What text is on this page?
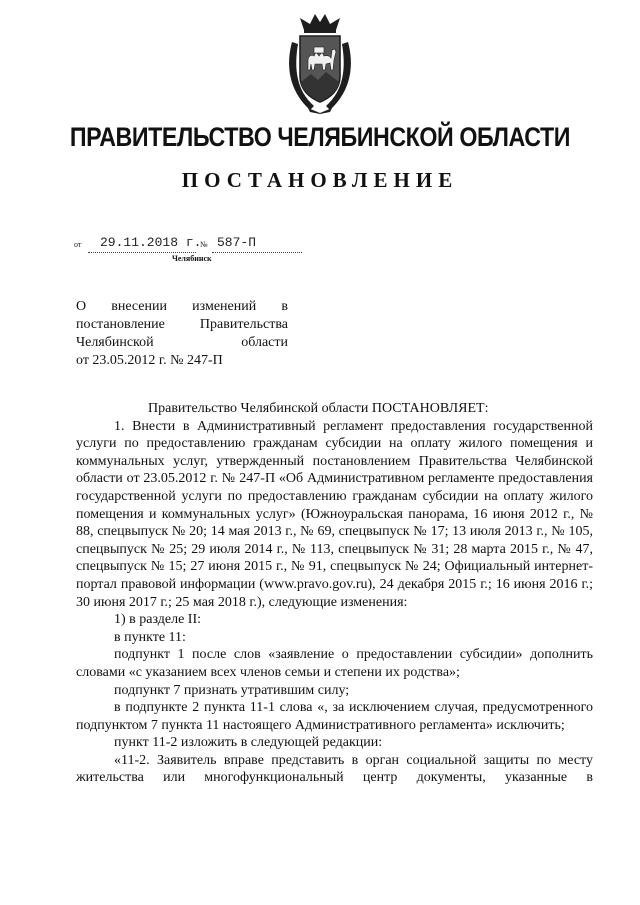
ПРАВИТЕЛЬСТВО ЧЕЛЯБИНСКОЙ ОБЛАСТИ
ПОСТАНОВЛЕНИЕ
от 29.11.2018 г.
№ 587-П
Челябинск
О внесении изменений в
постановление Правительства
Челябинской области
от 23.05.2012 г. № 247-П

Правительство Челябинской области ПОСТАНОВЛЯЕТ:

1. Внести в Административный регламент предоставления государственной услуги по предоставлению гражданам субсидии на оплату жилого помещения и коммунальных услуг, утвержденный постановлением Правительства Челябинской области от 23.05.2012 г. № 247-П «Об Административном регламенте предоставления государственной услуги по предоставлению гражданам субсидии на оплату жилого помещения и коммунальных услуг» (Южноуральская панорама, 16 июня 2012 г., № 88, спецвыпуск № 20; 14 мая 2013 г., № 69, спецвыпуск № 17; 13 июля 2013 г., № 105, спецвыпуск № 25; 29 июля 2014 г., № 113, спецвыпуск № 31; 28 марта 2015 г., № 47, спецвыпуск № 15; 27 июня 2015 г., № 91, спецвыпуск № 24; Официальный интернет-портал правовой информации (www.pravo.gov.ru), 24 декабря 2015 г.; 16 июня 2016 г.; 30 июня 2017 г.; 25 мая 2018 г.), следующие изменения:

1) в разделе II:

в пункте 11:

подпункт 1 после слов «заявление о предоставлении субсидии» дополнить словами «с указанием всех членов семьи и степени их родства»;

подпункт 7 признать утратившим силу;

в подпункте 2 пункта 11-1 слова «, за исключением случая, предусмотренного подпунктом 7 пункта 11 настоящего Административного регламента» исключить;

пункт 11-2 изложить в следующей редакции:

«11-2. Заявитель вправе представить в орган социальной защиты по месту жительства или многофункциональный центр документы, указанные в
